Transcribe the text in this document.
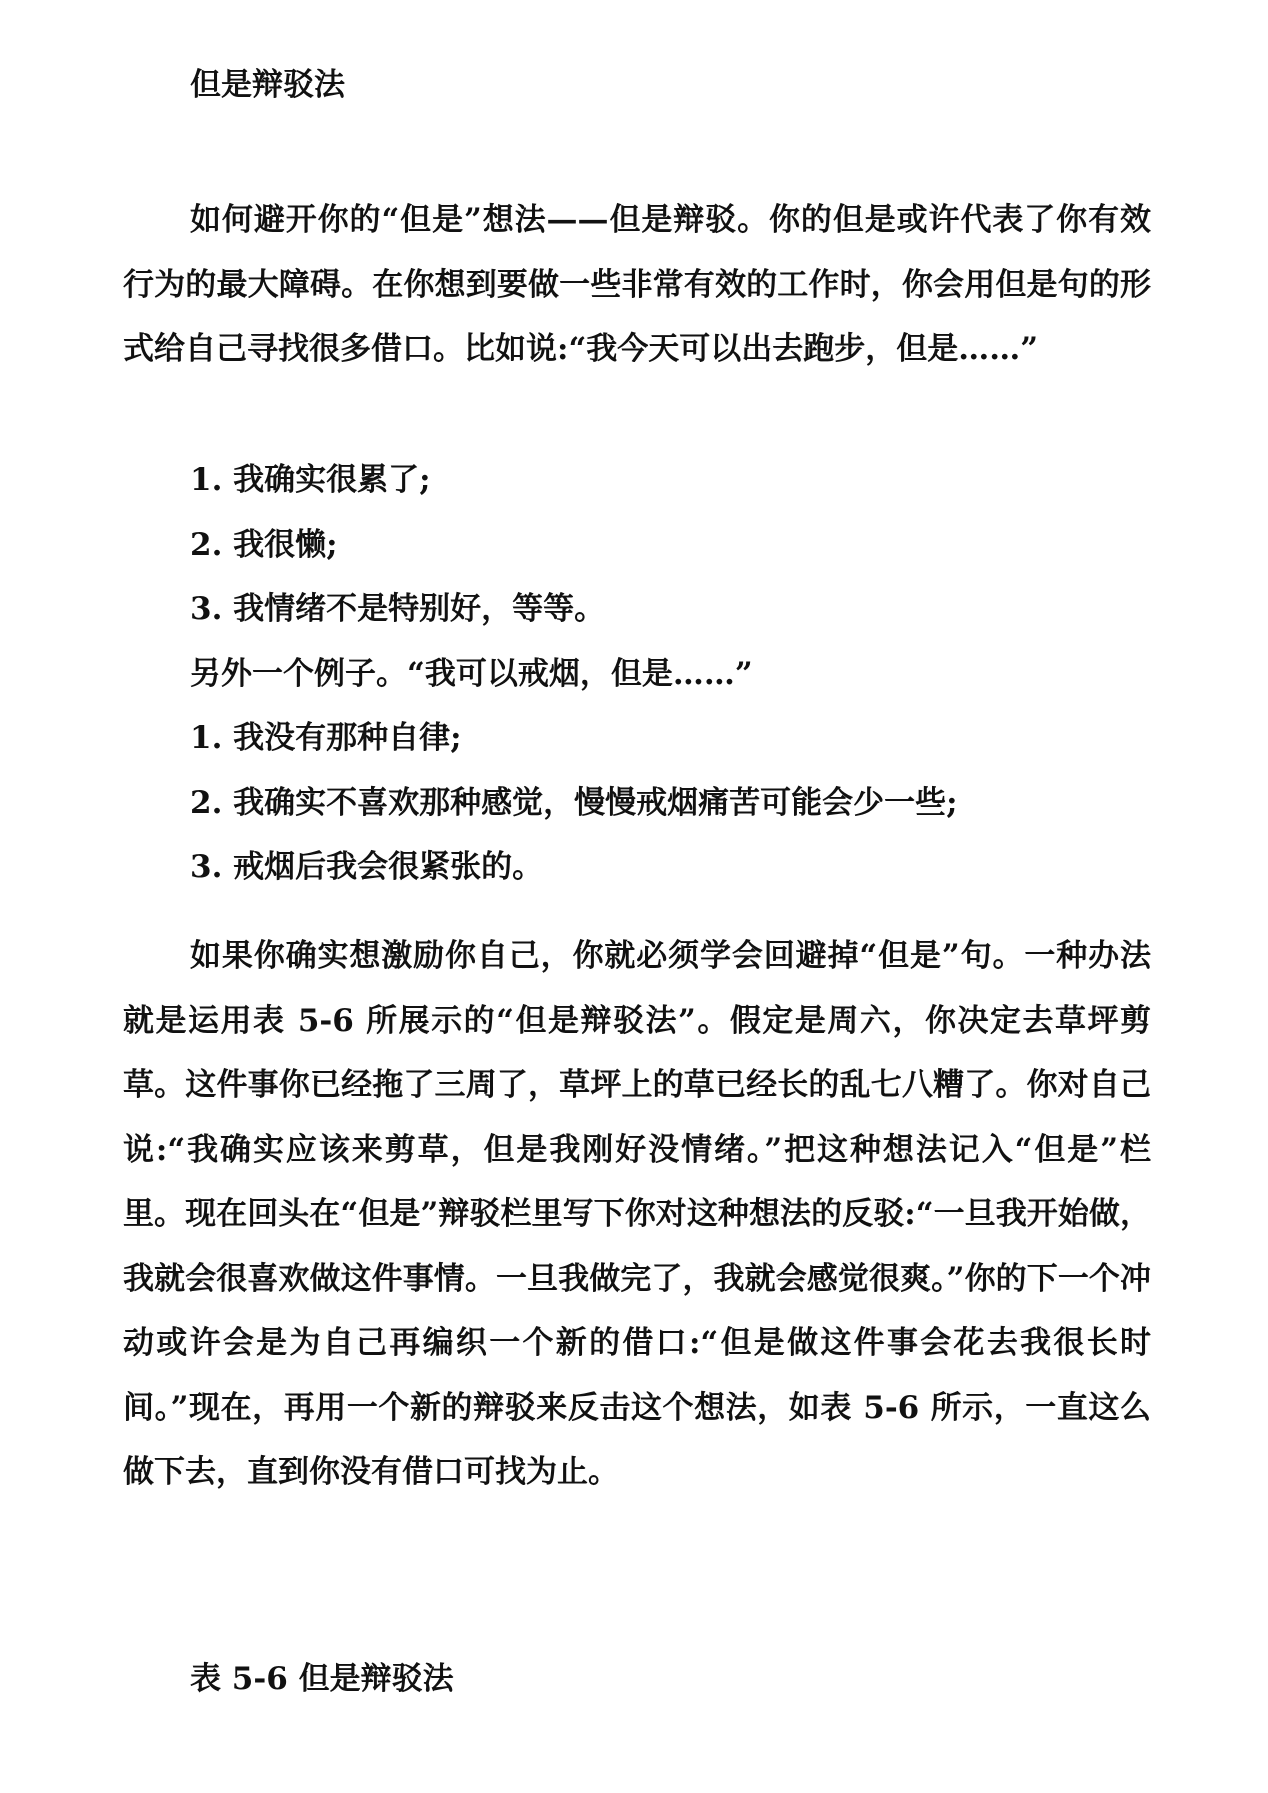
但是辩驳法

如何避开你的“但是”想法——但是辩驳。你的但是或许代表了你有效行为的最大障碍。在你想到要做一些非常有效的工作时，你会用但是句的形式给自己寻找很多借口。比如说:“我今天可以出去跑步，但是……”

1. 我确实很累了;

2. 我很懒;

3. 我情绪不是特别好，等等。

另外一个例子。“我可以戒烟，但是……”

1. 我没有那种自律;

2. 我确实不喜欢那种感觉，慢慢戒烟痛苦可能会少一些;

3. 戒烟后我会很紧张的。

如果你确实想激励你自己，你就必须学会回避掉“但是”句。一种办法就是运用表 5-6 所展示的“但是辩驳法”。假定是周六，你决定去草坪剪草。这件事你已经拖了三周了，草坪上的草已经长的乱七八糟了。你对自己说:“我确实应该来剪草，但是我刚好没情绪。”把这种想法记入“但是”栏里。现在回头在“但是”辩驳栏里写下你对这种想法的反驳:“一旦我开始做，我就会很喜欢做这件事情。一旦我做完了，我就会感觉很爽。”你的下一个冲动或许会是为自己再编织一个新的借口:“但是做这件事会花去我很长时间。”现在，再用一个新的辩驳来反击这个想法，如表 5-6 所示，一直这么做下去，直到你没有借口可找为止。

表 5-6 但是辩驳法
